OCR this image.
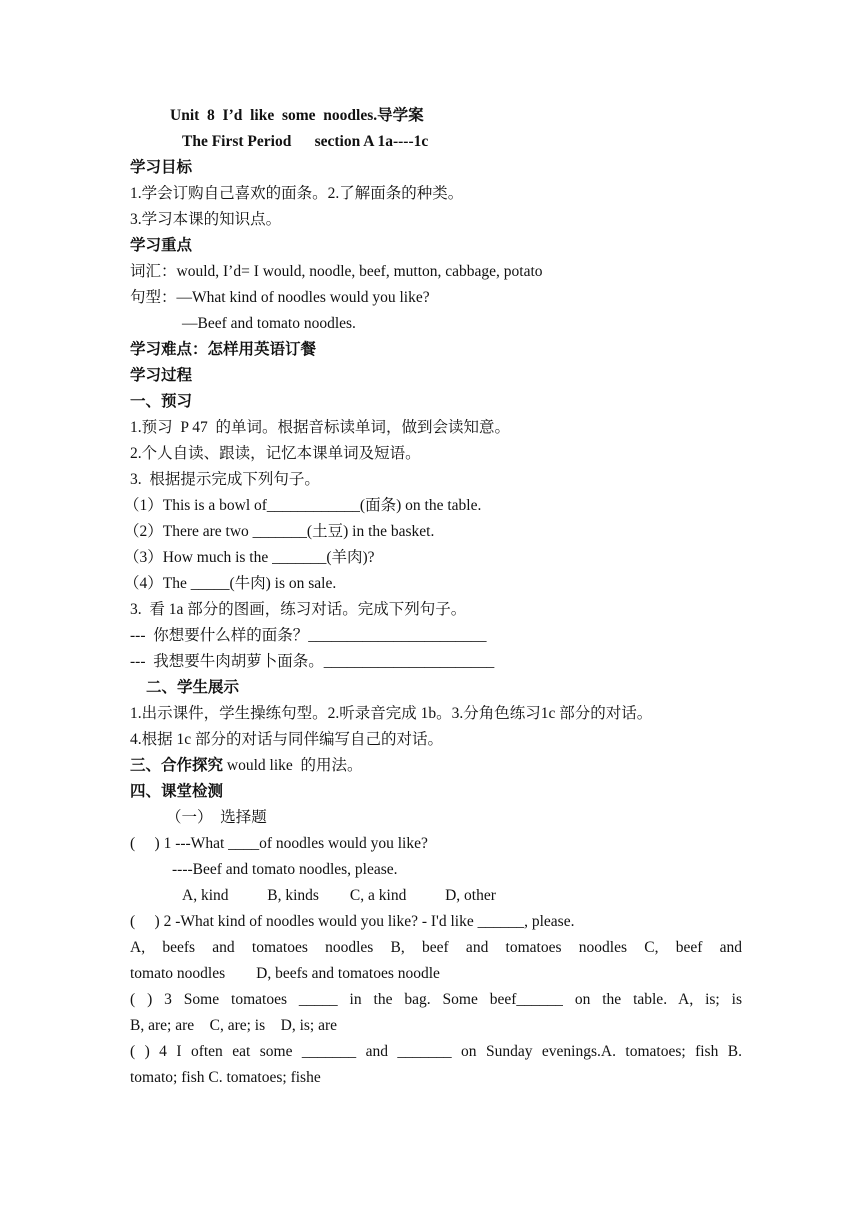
Unit  8  I’d  like  some  noodles.导学案

The First Period      section A 1a----1c

学习目标

1.学会订购自己喜欢的面条。2.了解面条的种类。

3.学习本课的知识点。

学习重点

词汇：would, I’d= I would, noodle, beef, mutton, cabbage, potato

句型：—What kind of noodles would you like?

—Beef and tomato noodles.

学习难点：怎样用英语订餐

学习过程

一、预习

1.预习  P 47  的单词。根据音标读单词，做到会读知意。

2.个人自读、跟读，记忆本课单词及短语。

3.  根据提示完成下列句子。

（1）This is a bowl of____________(面条) on the table.

（2）There are two _______(土豆) in the basket.

（3）How much is the _______(羊肉)?

（4）The _____(牛肉) is on sale.

3.  看 1a 部分的图画，练习对话。完成下列句子。

---  你想要什么样的面条？_______________________

---  我想要牛肉胡萝卜面条。______________________

二、学生展示

1.出示课件，学生操练句型。2.听录音完成 1b。3.分角色练习1c 部分的对话。

4.根据 1c 部分的对话与同伴编写自己的对话。

三、合作探究 would like  的用法。

四、课堂检测

（一）  选择题

(     ) 1 ---What ____of noodles would you like?

----Beef and tomato noodles, please.

A, kind          B, kinds        C, a kind          D, other

(     ) 2 -What kind of noodles would you like? - I'd like ______, please.

A, beefs and tomatoes noodles B, beef and tomatoes noodles C, beef and

tomato noodles        D, beefs and tomatoes noodle

( ) 3 Some tomatoes _____ in the bag. Some beef______ on the table. A, is; is

B, are; are    C, are; is    D, is; are

( ) 4 I often eat some _______ and _______ on Sunday evenings.A. tomatoes; fish B.

tomato; fish C. tomatoes; fishe
